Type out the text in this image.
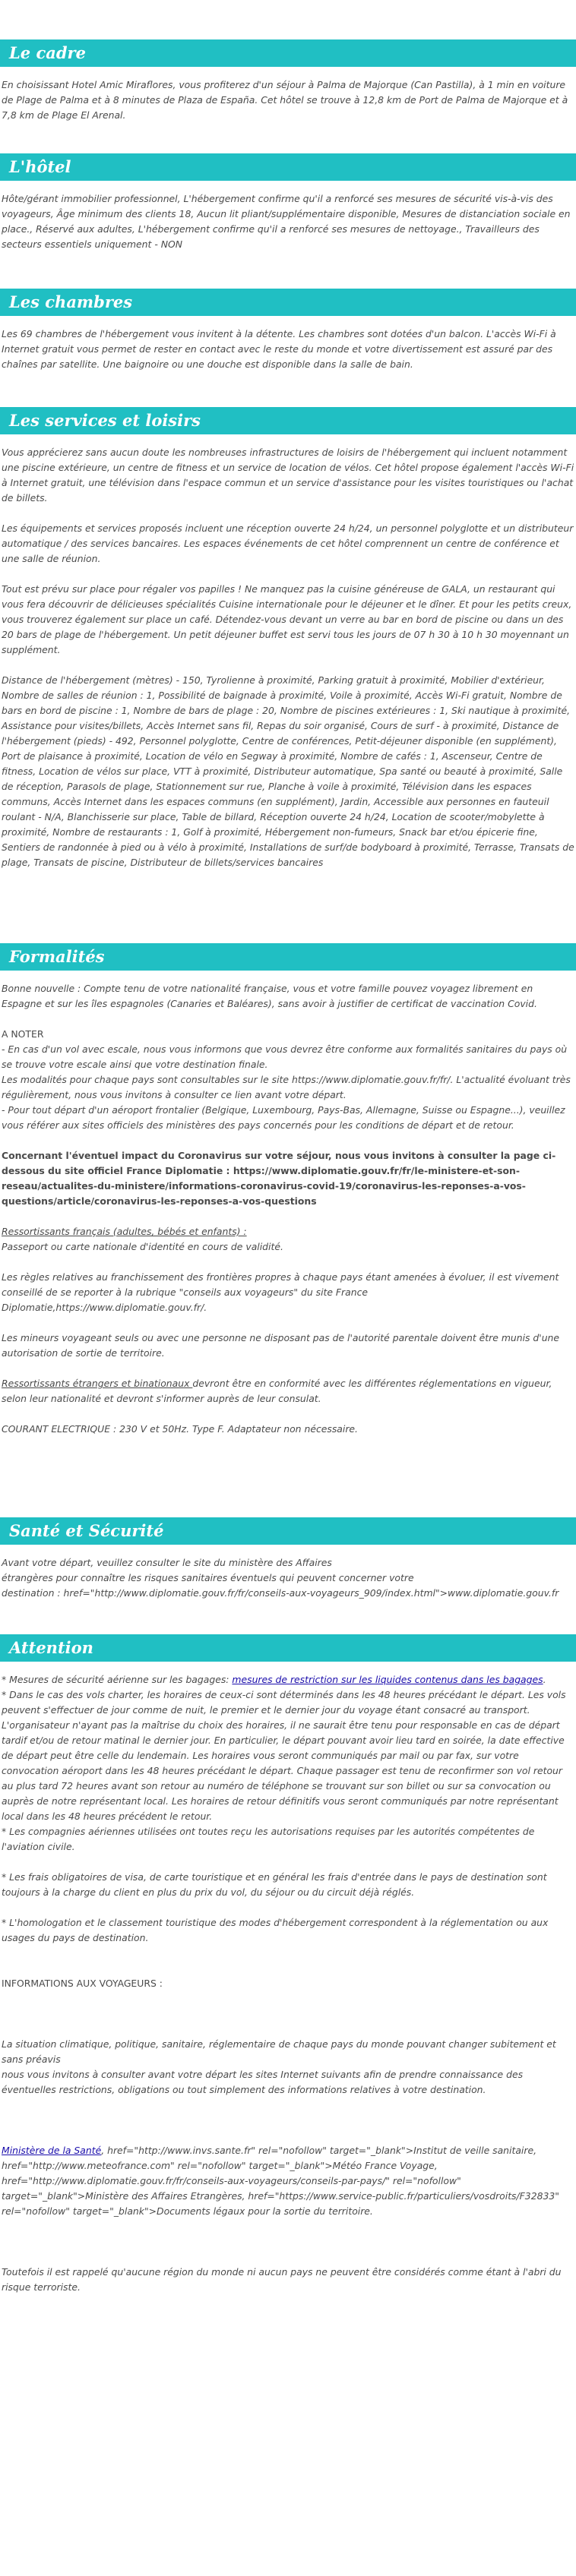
Le cadre

En choisissant Hotel Amic Miraflores, vous profiterez d'un séjour à Palma de Majorque (Can Pastilla), à 1 min en voiture de Plage de Palma et à 8 minutes de Plaza de España. Cet hôtel se trouve à 12,8 km de Port de Palma de Majorque et à 7,8 km de Plage El Arenal.

L'hôtel

Hôte/gérant immobilier professionnel, L'hébergement confirme qu'il a renforcé ses mesures de sécurité vis-à-vis des voyageurs, Âge minimum des clients 18, Aucun lit pliant/supplémentaire disponible, Mesures de distanciation sociale en place., Réservé aux adultes, L'hébergement confirme qu'il a renforcé ses mesures de nettoyage., Travailleurs des secteurs essentiels uniquement - NON

Les chambres

Les 69 chambres de l'hébergement vous invitent à la détente. Les chambres sont dotées d'un balcon. L'accès Wi-Fi à Internet gratuit vous permet de rester en contact avec le reste du monde et votre divertissement est assuré par des chaînes par satellite. Une baignoire ou une douche est disponible dans la salle de bain.

Les services et loisirs

Vous apprécierez sans aucun doute les nombreuses infrastructures de loisirs de l'hébergement qui incluent notamment une piscine extérieure, un centre de fitness et un service de location de vélos. Cet hôtel propose également l'accès Wi-Fi à Internet gratuit, une télévision dans l'espace commun et un service d'assistance pour les visites touristiques ou l'achat de billets.

Les équipements et services proposés incluent une réception ouverte 24 h/24, un personnel polyglotte et un distributeur automatique / des services bancaires. Les espaces événements de cet hôtel comprennent un centre de conférence et une salle de réunion.

Tout est prévu sur place pour régaler vos papilles ! Ne manquez pas la cuisine généreuse de GALA, un restaurant qui vous fera découvrir de délicieuses spécialités Cuisine internationale pour le déjeuner et le dîner. Et pour les petits creux, vous trouverez également sur place un café. Détendez-vous devant un verre au bar en bord de piscine ou dans un des 20 bars de plage de l'hébergement. Un petit déjeuner buffet est servi tous les jours de 07 h 30 à 10 h 30 moyennant un supplément.

Distance de l'hébergement (mètres) - 150, Tyrolienne à proximité, Parking gratuit à proximité, Mobilier d'extérieur, Nombre de salles de réunion : 1, Possibilité de baignade à proximité, Voile à proximité, Accès Wi-Fi gratuit, Nombre de bars en bord de piscine : 1, Nombre de bars de plage : 20, Nombre de piscines extérieures : 1, Ski nautique à proximité, Assistance pour visites/billets, Accès Internet sans fil, Repas du soir organisé, Cours de surf - à proximité, Distance de l'hébergement (pieds) - 492, Personnel polyglotte, Centre de conférences, Petit-déjeuner disponible (en supplément), Port de plaisance à proximité, Location de vélo en Segway à proximité, Nombre de cafés : 1, Ascenseur, Centre de fitness, Location de vélos sur place, VTT à proximité, Distributeur automatique, Spa santé ou beauté à proximité, Salle de réception, Parasols de plage, Stationnement sur rue, Planche à voile à proximité, Télévision dans les espaces communs, Accès Internet dans les espaces communs (en supplément), Jardin, Accessible aux personnes en fauteuil roulant - N/A, Blanchisserie sur place, Table de billard, Réception ouverte 24 h/24, Location de scooter/mobylette à proximité, Nombre de restaurants : 1, Golf à proximité, Hébergement non-fumeurs, Snack bar et/ou épicerie fine, Sentiers de randonnée à pied ou à vélo à proximité, Installations de surf/de bodyboard à proximité, Terrasse, Transats de plage, Transats de piscine, Distributeur de billets/services bancaires

Formalités

Bonne nouvelle : Compte tenu de votre nationalité française, vous et votre famille pouvez voyagez librement en Espagne et sur les îles espagnoles (Canaries et Baléares), sans avoir à justifier de certificat de vaccination Covid.

A NOTER

- En cas d'un vol avec escale, nous vous informons que vous devrez être conforme aux formalités sanitaires du pays où se trouve votre escale ainsi que votre destination finale.

Les modalités pour chaque pays sont consultables sur le site https://www.diplomatie.gouv.fr/fr/. L'actualité évoluant très régulièrement, nous vous invitons à consulter ce lien avant votre départ.

- Pour tout départ d'un aéroport frontalier (Belgique, Luxembourg, Pays-Bas, Allemagne, Suisse ou Espagne...), veuillez vous référer aux sites officiels des ministères des pays concernés pour les conditions de départ et de retour.

Concernant l'éventuel impact du Coronavirus sur votre séjour, nous vous invitons à consulter la page ci-dessous du site officiel France Diplomatie : https://www.diplomatie.gouv.fr/fr/le-ministere-et-son-reseau/actualites-du-ministere/informations-coronavirus-covid-19/coronavirus-les-reponses-a-vos-questions/article/coronavirus-les-reponses-a-vos-questions

Ressortissants français (adultes, bébés et enfants) :

Passeport ou carte nationale d'identité en cours de validité.

Les règles relatives au franchissement des frontières propres à chaque pays étant amenées à évoluer, il est vivement conseillé de se reporter à la rubrique "conseils aux voyageurs" du site France Diplomatie,https://www.diplomatie.gouv.fr/.

Les mineurs voyageant seuls ou avec une personne ne disposant pas de l'autorité parentale doivent être munis d'une autorisation de sortie de territoire.

Ressortissants étrangers et binationaux devront être en conformité avec les différentes réglementations en vigueur, selon leur nationalité et devront s'informer auprès de leur consulat.

COURANT ELECTRIQUE : 230 V et 50Hz. Type F. Adaptateur non nécessaire.

Santé et Sécurité

Avant votre départ, veuillez consulter le site du ministère des Affaires

étrangères pour connaître les risques sanitaires éventuels qui peuvent concerner votre

destination : href="http://www.diplomatie.gouv.fr/fr/conseils-aux-voyageurs_909/index.html">www.diplomatie.gouv.fr

Attention

* Mesures de sécurité aérienne sur les bagages: mesures de restriction sur les liquides contenus dans les bagages.

* Dans le cas des vols charter, les horaires de ceux-ci sont déterminés dans les 48 heures précédant le départ. Les vols peuvent s'effectuer de jour comme de nuit, le premier et le dernier jour du voyage étant consacré au transport. L'organisateur n'ayant pas la maîtrise du choix des horaires, il ne saurait être tenu pour responsable en cas de départ tardif et/ou de retour matinal le dernier jour. En particulier, le départ pouvant avoir lieu tard en soirée, la date effective de départ peut être celle du lendemain. Les horaires vous seront communiqués par mail ou par fax, sur votre convocation aéroport dans les 48 heures précédant le départ. Chaque passager est tenu de reconfirmer son vol retour au plus tard 72 heures avant son retour au numéro de téléphone se trouvant sur son billet ou sur sa convocation ou auprès de notre représentant local. Les horaires de retour définitifs vous seront communiqués par notre représentant local dans les 48 heures précédent le retour.

* Les compagnies aériennes utilisées ont toutes reçu les autorisations requises par les autorités compétentes de l'aviation civile.

* Les frais obligatoires de visa, de carte touristique et en général les frais d'entrée dans le pays de destination sont toujours à la charge du client en plus du prix du vol, du séjour ou du circuit déjà réglés.

* L'homologation et le classement touristique des modes d'hébergement correspondent à la réglementation ou aux usages du pays de destination.

INFORMATIONS AUX VOYAGEURS :

La situation climatique, politique, sanitaire, réglementaire de chaque pays du monde pouvant changer subitement et sans préavis

nous vous invitons à consulter avant votre départ les sites Internet suivants afin de prendre connaissance des éventuelles restrictions, obligations ou tout simplement des informations relatives à votre destination.

Ministère de la Santé, href="http://www.invs.sante.fr" rel="nofollow" target="_blank">Institut de veille sanitaire, href="http://www.meteofrance.com" rel="nofollow" target="_blank">Météo France Voyage, href="http://www.diplomatie.gouv.fr/fr/conseils-aux-voyageurs/conseils-par-pays/" rel="nofollow" target="_blank">Ministère des Affaires Etrangères, href="https://www.service-public.fr/particuliers/vosdroits/F32833" rel="nofollow" target="_blank">Documents légaux pour la sortie du territoire.

Toutefois il est rappelé qu'aucune région du monde ni aucun pays ne peuvent être considérés comme étant à l'abri du risque terroriste.
